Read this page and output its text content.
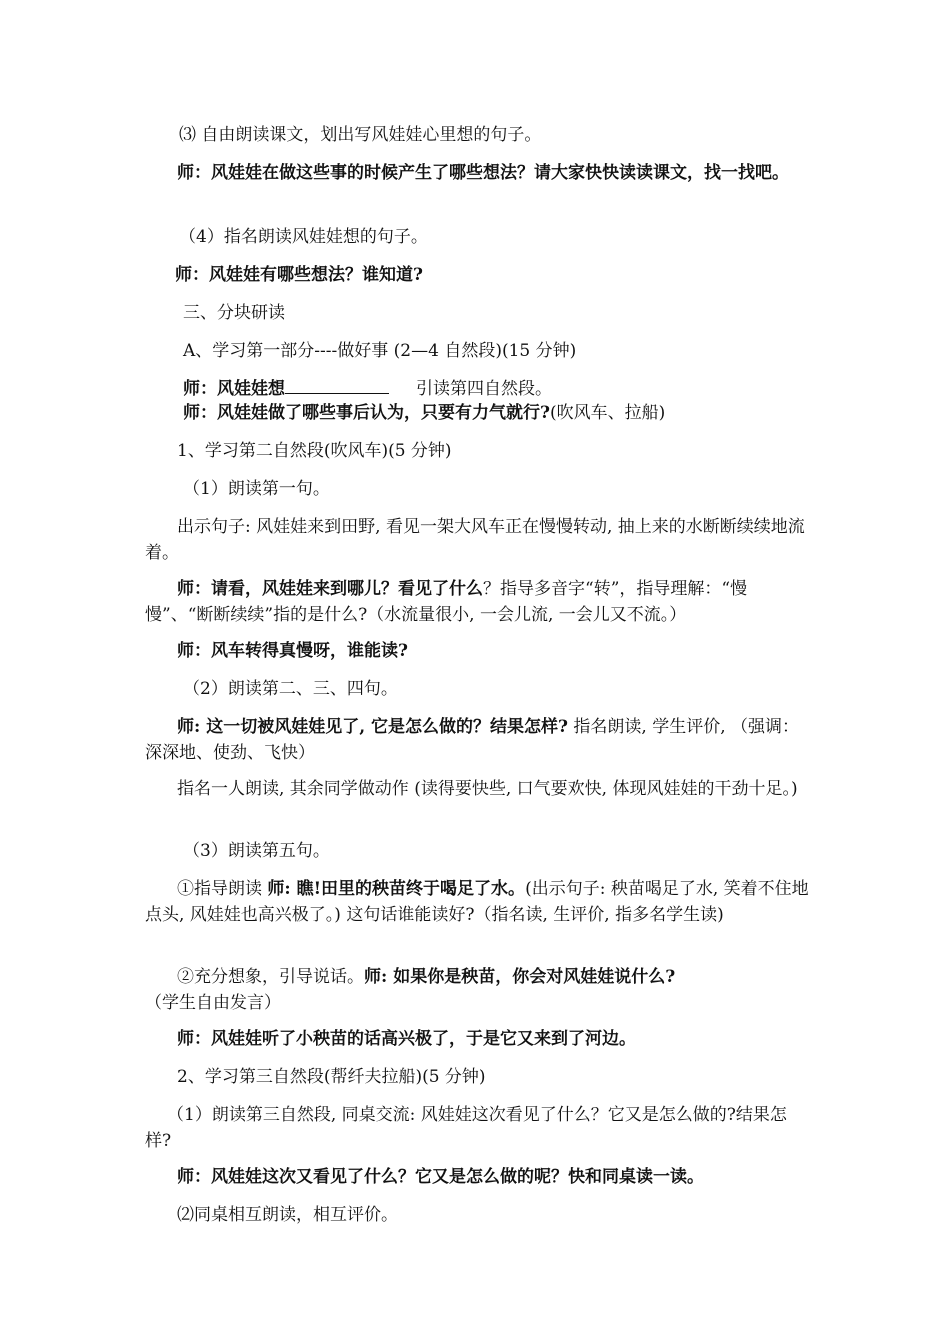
⑶ 自由朗读课文，划出写风娃娃心里想的句子。

师：风娃娃在做这些事的时候产生了哪些想法？请大家快快读读课文，找一找吧。

（4）指名朗读风娃娃想的句子。

师：风娃娃有哪些想法？谁知道?

三、分块研读

A、学习第一部分----做好事 (2—4 自然段)(15 分钟)

师：风娃娃想	引读第四自然段。

师：风娃娃做了哪些事后认为，只要有力气就行?(吹风车、拉船)

1、学习第二自然段(吹风车)(5 分钟)

（1）朗读第一句。

出示句子: 风娃娃来到田野, 看见一架大风车正在慢慢转动, 抽上来的水断断续续地流着。

师：请看，风娃娃来到哪儿？看见了什么？指导多音字“转”，指导理解：“慢慢”、“断断续续”指的是什么?（水流量很小, 一会儿流, 一会儿又不流。）

师：风车转得真慢呀，谁能读?

（2）朗读第二、三、四句。

师: 这一切被风娃娃见了, 它是怎么做的？结果怎样? 指名朗读, 学生评价, （强调：深深地、使劲、飞快）

指名一人朗读, 其余同学做动作 (读得要快些, 口气要欢快, 体现风娃娃的干劲十足。)

（3）朗读第五句。

①指导朗读 师: 瞧!田里的秧苗终于喝足了水。(出示句子: 秧苗喝足了水, 笑着不住地点头, 风娃娃也高兴极了。) 这句话谁能读好?（指名读, 生评价, 指多名学生读)

②充分想象，引导说话。师: 如果你是秧苗，你会对风娃娃说什么?（学生自由发言）

师：风娃娃听了小秧苗的话高兴极了，于是它又来到了河边。

2、学习第三自然段(帮纤夫拉船)(5 分钟)

（1）朗读第三自然段, 同桌交流: 风娃娃这次看见了什么？它又是怎么做的?结果怎样?

师：风娃娃这次又看见了什么？它又是怎么做的呢？快和同桌读一读。

⑵同桌相互朗读，相互评价。
